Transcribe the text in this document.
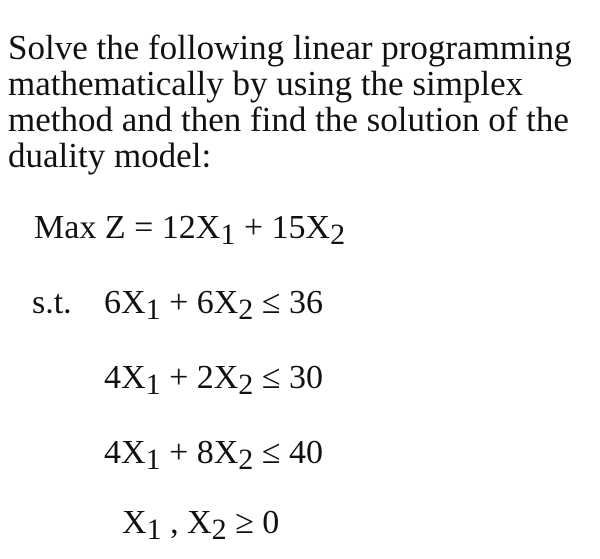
Solve the following linear programming
mathematically by using the simplex
method and then find the solution of the
duality model:
Max $Z = 12X_1 + 15X_2$
s.t. $6X_1 + 6X_2 \le 36$
$4X_1 + 2X_2 \le 30$
$4X_1 + 8X_2 \le 40$
$X_1$ , $X_2 \ge 0$
